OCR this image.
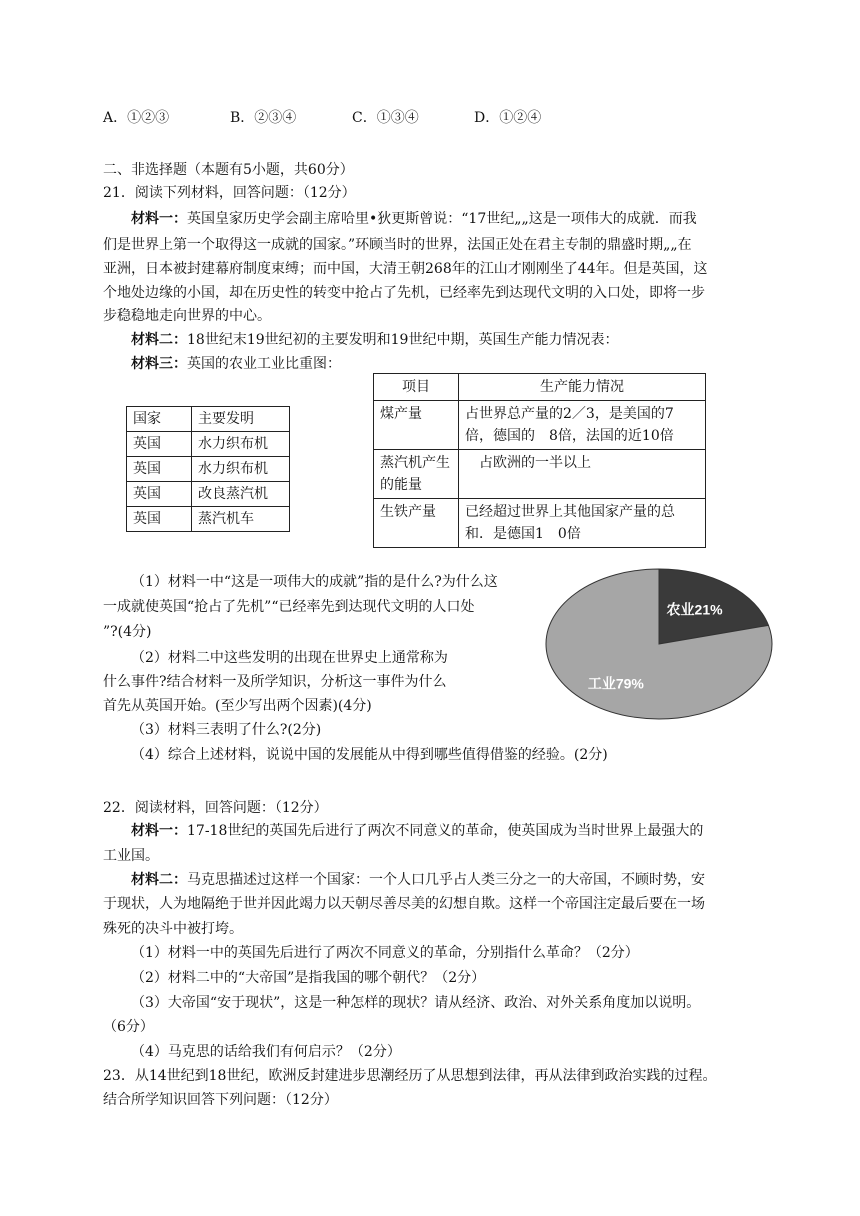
A．①②③	B．②③④	C．①③④	D．①②④
二、非选择题（本题有5小题，共60分）
21．阅读下列材料，回答问题：（12分）
材料一：英国皇家历史学会副主席哈里•狄更斯曾说：“17世纪„„这是一项伟大的成就．而我
们是世界上第一个取得这一成就的国家。”环顾当时的世界，法国正处在君主专制的鼎盛时期„„在
亚洲，日本被封建幕府制度束缚；而中国，大清王朝268年的江山才刚刚坐了44年。但是英国，这
个地处边缘的小国，却在历史性的转变中抢占了先机，已经率先到达现代文明的入口处，即将一步
步稳稳地走向世界的中心。
材料二：18世纪末19世纪初的主要发明和19世纪中期，英国生产能力情况表：
材料三：英国的农业工业比重图：
国家	主要发明
英国	水力织布机
英国	水力织布机
英国	改良蒸汽机
英国	蒸汽机车
项目	生产能力情况
煤产量	占世界总产量的2／3，是美国的7倍，德国的　8倍，法国的近10倍
蒸汽机产生的能量	　占欧洲的一半以上
生铁产量	已经超过世界上其他国家产量的总和．是德国1　0倍
（1）材料一中“这是一项伟大的成就”指的是什么?为什么这
一成就使英国“抢占了先机”“已经率先到达现代文明的人口处
”?(4分)
（2）材料二中这些发明的出现在世界史上通常称为
什么事件?结合材料一及所学知识，分析这一事件为什么
首先从英国开始。(至少写出两个因素)(4分)
（3）材料三表明了什么?(2分)
（4）综合上述材料，说说中国的发展能从中得到哪些值得借鉴的经验。(2分)
农业21%
工业79%
22．阅读材料，回答问题：（12分）
材料一：17-18世纪的英国先后进行了两次不同意义的革命，使英国成为当时世界上最强大的
工业国。
材料二：马克思描述过这样一个国家：一个人口几乎占人类三分之一的大帝国，不顾时势，安
于现状，人为地隔绝于世并因此竭力以天朝尽善尽美的幻想自欺。这样一个帝国注定最后要在一场
殊死的决斗中被打垮。
（1）材料一中的英国先后进行了两次不同意义的革命，分别指什么革命？（2分）
（2）材料二中的“大帝国”是指我国的哪个朝代？（2分）
（3）大帝国“安于现状”，这是一种怎样的现状？请从经济、政治、对外关系角度加以说明。
（6分）
（4）马克思的话给我们有何启示？（2分）
23．从14世纪到18世纪，欧洲反封建进步思潮经历了从思想到法律，再从法律到政治实践的过程。
结合所学知识回答下列问题：（12分）
